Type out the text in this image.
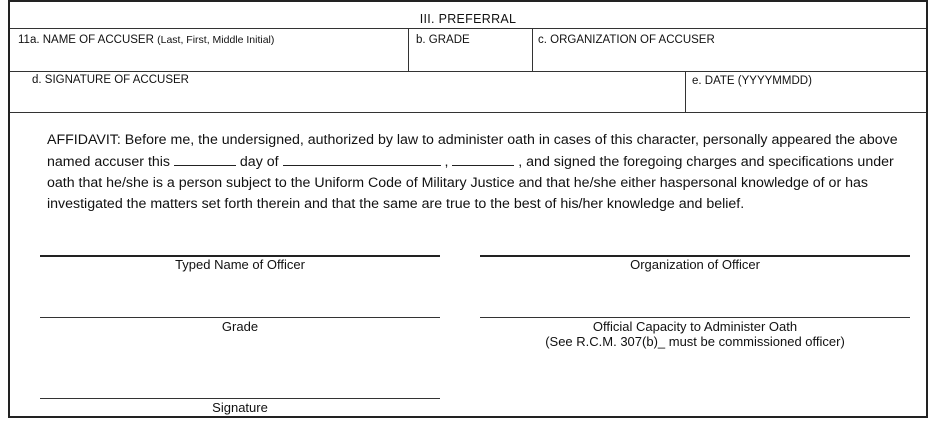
III. PREFERRAL
11a. NAME OF ACCUSER (Last, First, Middle Initial)	b. GRADE	c. ORGANIZATION OF ACCUSER
d. SIGNATURE OF ACCUSER	e. DATE (YYYYMMDD)
AFFIDAVIT: Before me, the undersigned, authorized by law to administer oath in cases of this character, personally appeared the above named accuser this	day of	,	, and signed the foregoing charges and specifications under oath that he/she is a person subject to the Uniform Code of Military Justice and that he/she either haspersonal knowledge of or has investigated the matters set forth therein and that the same are true to the best of his/her knowledge and belief.
Typed Name of Officer	Organization of Officer
Grade	Official Capacity to Administer Oath
(See R.C.M. 307(b)_ must be commissioned officer)
Signature
